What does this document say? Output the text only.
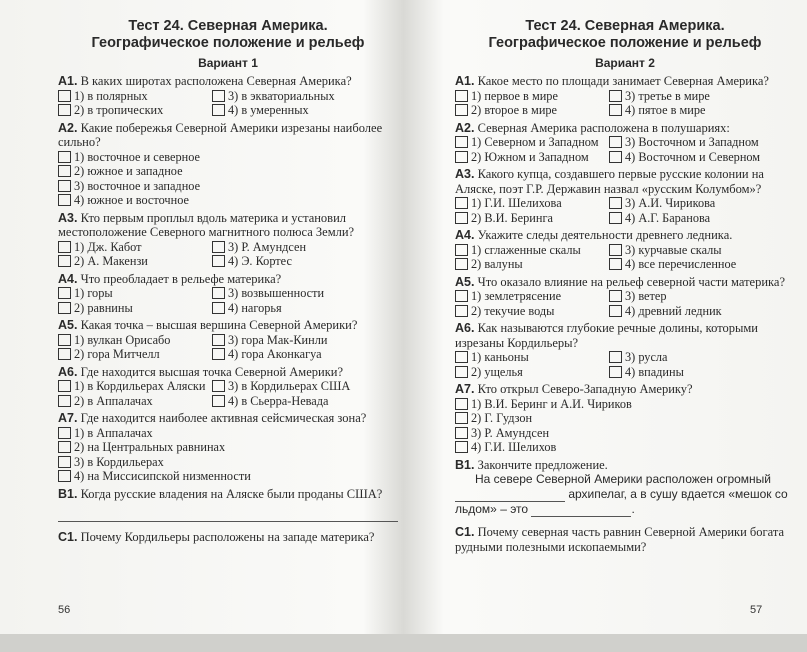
Тест 24. Северная Америка.
Географическое положение и рельеф
Вариант 1
А1. В каких широтах расположена Северная Америка?
1) в полярных	3) в экваториальных
2) в тропических	4) в умеренных
А2. Какие побережья Северной Америки изрезаны наиболее сильно?
1) восточное и северное
2) южное и западное
3) восточное и западное
4) южное и восточное
А3. Кто первым проплыл вдоль материка и установил местоположение Северного магнитного полюса Земли?
1) Дж. Кабот	3) Р. Амундсен
2) А. Макензи	4) Э. Кортес
А4. Что преобладает в рельефе материка?
1) горы	3) возвышенности
2) равнины	4) нагорья
А5. Какая точка – высшая вершина Северной Америки?
1) вулкан Орисабо	3) гора Мак-Кинли
2) гора Митчелл	4) гора Аконкагуа
А6. Где находится высшая точка Северной Америки?
1) в Кордильерах Аляски 3) в Кордильерах США
2) в Аппалачах	4) в Сьерра-Невада
А7. Где находится наиболее активная сейсмическая зона?
1) в Аппалачах
2) на Центральных равнинах
3) в Кордильерах
4) на Миссисипской низменности
В1. Когда русские владения на Аляске были проданы США?
С1. Почему Кордильеры расположены на западе материка?
56
Тест 24. Северная Америка.
Географическое положение и рельеф
Вариант 2
А1. Какое место по площади занимает Северная Америка?
1) первое в мире	3) третье в мире
2) второе в мире	4) пятое в мире
А2. Северная Америка расположена в полушариях:
1) Северном и Западном 3) Восточном и Западном
2) Южном и Западном	4) Восточном и Северном
А3. Какого купца, создавшего первые русские колонии на Аляске, поэт Г.Р. Державин назвал «русским Колумбом»?
1) Г.И. Шелихова	3) А.И. Чирикова
2) В.И. Беринга	4) А.Г. Баранова
А4. Укажите следы деятельности древнего ледника.
1) сглаженные скалы	3) курчавые скалы
2) валуны	4) все перечисленное
А5. Что оказало влияние на рельеф северной части материка?
1) землетрясение	3) ветер
2) текучие воды	4) древний ледник
А6. Как называются глубокие речные долины, которыми изрезаны Кордильеры?
1) каньоны	3) русла
2) ущелья	4) впадины
А7. Кто открыл Северо-Западную Америку?
1) В.И. Беринг и А.И. Чириков
2) Г. Гудзон
3) Р. Амундсен
4) Г.И. Шелихов
В1. Закончите предложение.
На севере Северной Америки расположен огромный  архипелаг, а в сушу вдается «мешок со льдом» – это	.
С1. Почему северная часть равнин Северной Америки богата рудными полезными ископаемыми?
57
